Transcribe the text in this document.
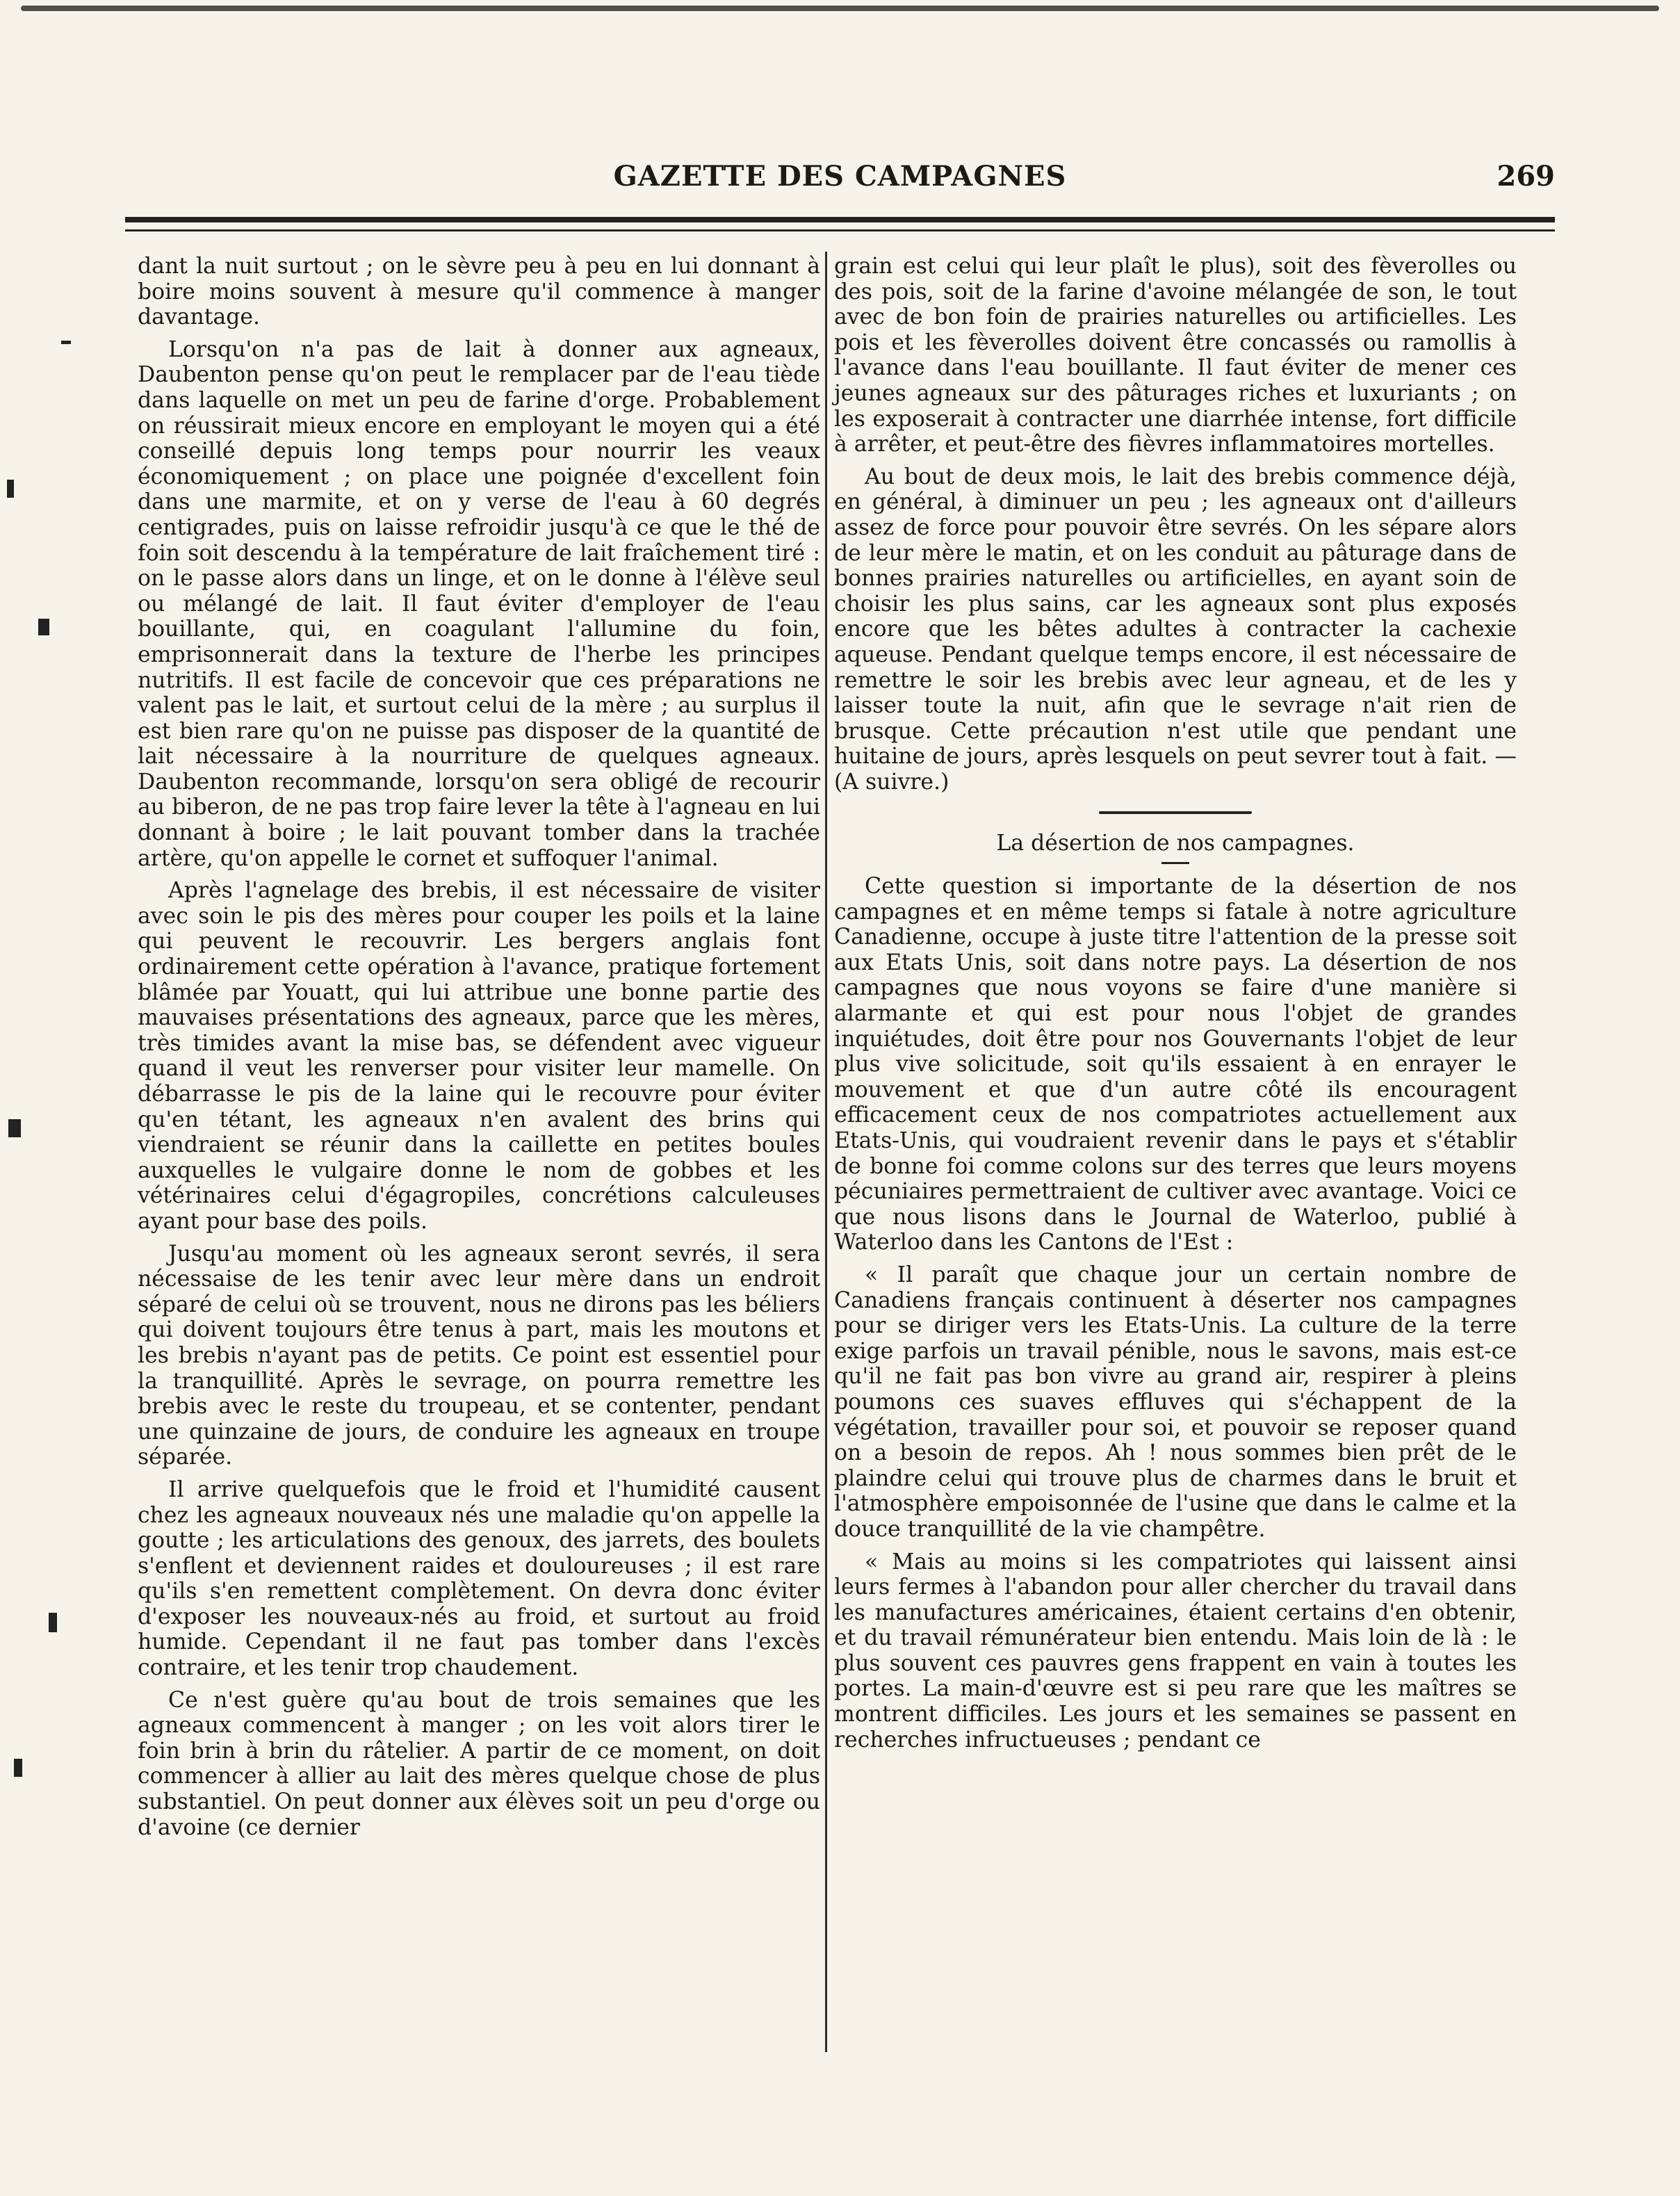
GAZETTE DES CAMPAGNES	269

dant la nuit surtout ; on le sèvre peu à peu en lui donnant à boire moins souvent à mesure qu'il commence à manger davantage.

Lorsqu'on n'a pas de lait à donner aux agneaux, Daubenton pense qu'on peut le remplacer par de l'eau tiède dans laquelle on met un peu de farine d'orge. Probablement on réussirait mieux encore en employant le moyen qui a été conseillé depuis long temps pour nourrir les veaux économiquement ; on place une poignée d'excellent foin dans une marmite, et on y verse de l'eau à 60 degrés centigrades, puis on laisse refroidir jusqu'à ce que le thé de foin soit descendu à la température de lait fraîchement tiré : on le passe alors dans un linge, et on le donne à l'élève seul ou mélangé de lait. Il faut éviter d'employer de l'eau bouillante, qui, en coagulant l'allumine du foin, emprisonnerait dans la texture de l'herbe les principes nutritifs. Il est facile de concevoir que ces préparations ne valent pas le lait, et surtout celui de la mère ; au surplus il est bien rare qu'on ne puisse pas disposer de la quantité de lait nécessaire à la nourriture de quelques agneaux. Daubenton recommande, lorsqu'on sera obligé de recourir au biberon, de ne pas trop faire lever la tête à l'agneau en lui donnant à boire ; le lait pouvant tomber dans la trachée artère, qu'on appelle le cornet et suffoquer l'animal.

Après l'agnelage des brebis, il est nécessaire de visiter avec soin le pis des mères pour couper les poils et la laine qui peuvent le recouvrir. Les bergers anglais font ordinairement cette opération à l'avance, pratique fortement blâmée par Youatt, qui lui attribue une bonne partie des mauvaises présentations des agneaux, parce que les mères, très timides avant la mise bas, se défendent avec vigueur quand il veut les renverser pour visiter leur mamelle. On débarrasse le pis de la laine qui le recouvre pour éviter qu'en tétant, les agneaux n'en avalent des brins qui viendraient se réunir dans la caillette en petites boules auxquelles le vulgaire donne le nom de gobbes et les vétérinaires celui d'égagropiles, concrétions calculeuses ayant pour base des poils.

Jusqu'au moment où les agneaux seront sevrés, il sera nécessaise de les tenir avec leur mère dans un endroit séparé de celui où se trouvent, nous ne dirons pas les béliers qui doivent toujours être tenus à part, mais les moutons et les brebis n'ayant pas de petits. Ce point est essentiel pour la tranquillité. Après le sevrage, on pourra remettre les brebis avec le reste du troupeau, et se contenter, pendant une quinzaine de jours, de conduire les agneaux en troupe séparée.

Il arrive quelquefois que le froid et l'humidité causent chez les agneaux nouveaux nés une maladie qu'on appelle la goutte ; les articulations des genoux, des jarrets, des boulets s'enflent et deviennent raides et douloureuses ; il est rare qu'ils s'en remettent complètement. On devra donc éviter d'exposer les nouveaux-nés au froid, et surtout au froid humide. Cependant il ne faut pas tomber dans l'excès contraire, et les tenir trop chaudement.

Ce n'est guère qu'au bout de trois semaines que les agneaux commencent à manger ; on les voit alors tirer le foin brin à brin du râtelier. A partir de ce moment, on doit commencer à allier au lait des mères quelque chose de plus substantiel. On peut donner aux élèves soit un peu d'orge ou d'avoine (ce dernier

grain est celui qui leur plaît le plus), soit des fèverolles ou des pois, soit de la farine d'avoine mélangée de son, le tout avec de bon foin de prairies naturelles ou artificielles. Les pois et les fèverolles doivent être concassés ou ramollis à l'avance dans l'eau bouillante. Il faut éviter de mener ces jeunes agneaux sur des pâturages riches et luxuriants ; on les exposerait à contracter une diarrhée intense, fort difficile à arrêter, et peut-être des fièvres inflammatoires mortelles.

Au bout de deux mois, le lait des brebis commence déjà, en général, à diminuer un peu ; les agneaux ont d'ailleurs assez de force pour pouvoir être sevrés. On les sépare alors de leur mère le matin, et on les conduit au pâturage dans de bonnes prairies naturelles ou artificielles, en ayant soin de choisir les plus sains, car les agneaux sont plus exposés encore que les bêtes adultes à contracter la cachexie aqueuse. Pendant quelque temps encore, il est nécessaire de remettre le soir les brebis avec leur agneau, et de les y laisser toute la nuit, afin que le sevrage n'ait rien de brusque. Cette précaution n'est utile que pendant une huitaine de jours, après lesquels on peut sevrer tout à fait. —(A suivre.)

La désertion de nos campagnes.

Cette question si importante de la désertion de nos campagnes et en même temps si fatale à notre agriculture Canadienne, occupe à juste titre l'attention de la presse soit aux Etats Unis, soit dans notre pays. La désertion de nos campagnes que nous voyons se faire d'une manière si alarmante et qui est pour nous l'objet de grandes inquiétudes, doit être pour nos Gouvernants l'objet de leur plus vive solicitude, soit qu'ils essaient à en enrayer le mouvement et que d'un autre côté ils encouragent efficacement ceux de nos compatriotes actuellement aux Etats-Unis, qui voudraient revenir dans le pays et s'établir de bonne foi comme colons sur des terres que leurs moyens pécuniaires permettraient de cultiver avec avantage. Voici ce que nous lisons dans le Journal de Waterloo, publié à Waterloo dans les Cantons de l'Est :

« Il paraît que chaque jour un certain nombre de Canadiens français continuent à déserter nos campagnes pour se diriger vers les Etats-Unis. La culture de la terre exige parfois un travail pénible, nous le savons, mais est-ce qu'il ne fait pas bon vivre au grand air, respirer à pleins poumons ces suaves effluves qui s'échappent de la végétation, travailler pour soi, et pouvoir se reposer quand on a besoin de repos. Ah ! nous sommes bien prêt de le plaindre celui qui trouve plus de charmes dans le bruit et l'atmosphère empoisonnée de l'usine que dans le calme et la douce tranquillité de la vie champêtre.

« Mais au moins si les compatriotes qui laissent ainsi leurs fermes à l'abandon pour aller chercher du travail dans les manufactures américaines, étaient certains d'en obtenir, et du travail rémunérateur bien entendu. Mais loin de là : le plus souvent ces pauvres gens frappent en vain à toutes les portes. La main-d'œuvre est si peu rare que les maîtres se montrent difficiles. Les jours et les semaines se passent en recherches infructueuses ; pendant ce
